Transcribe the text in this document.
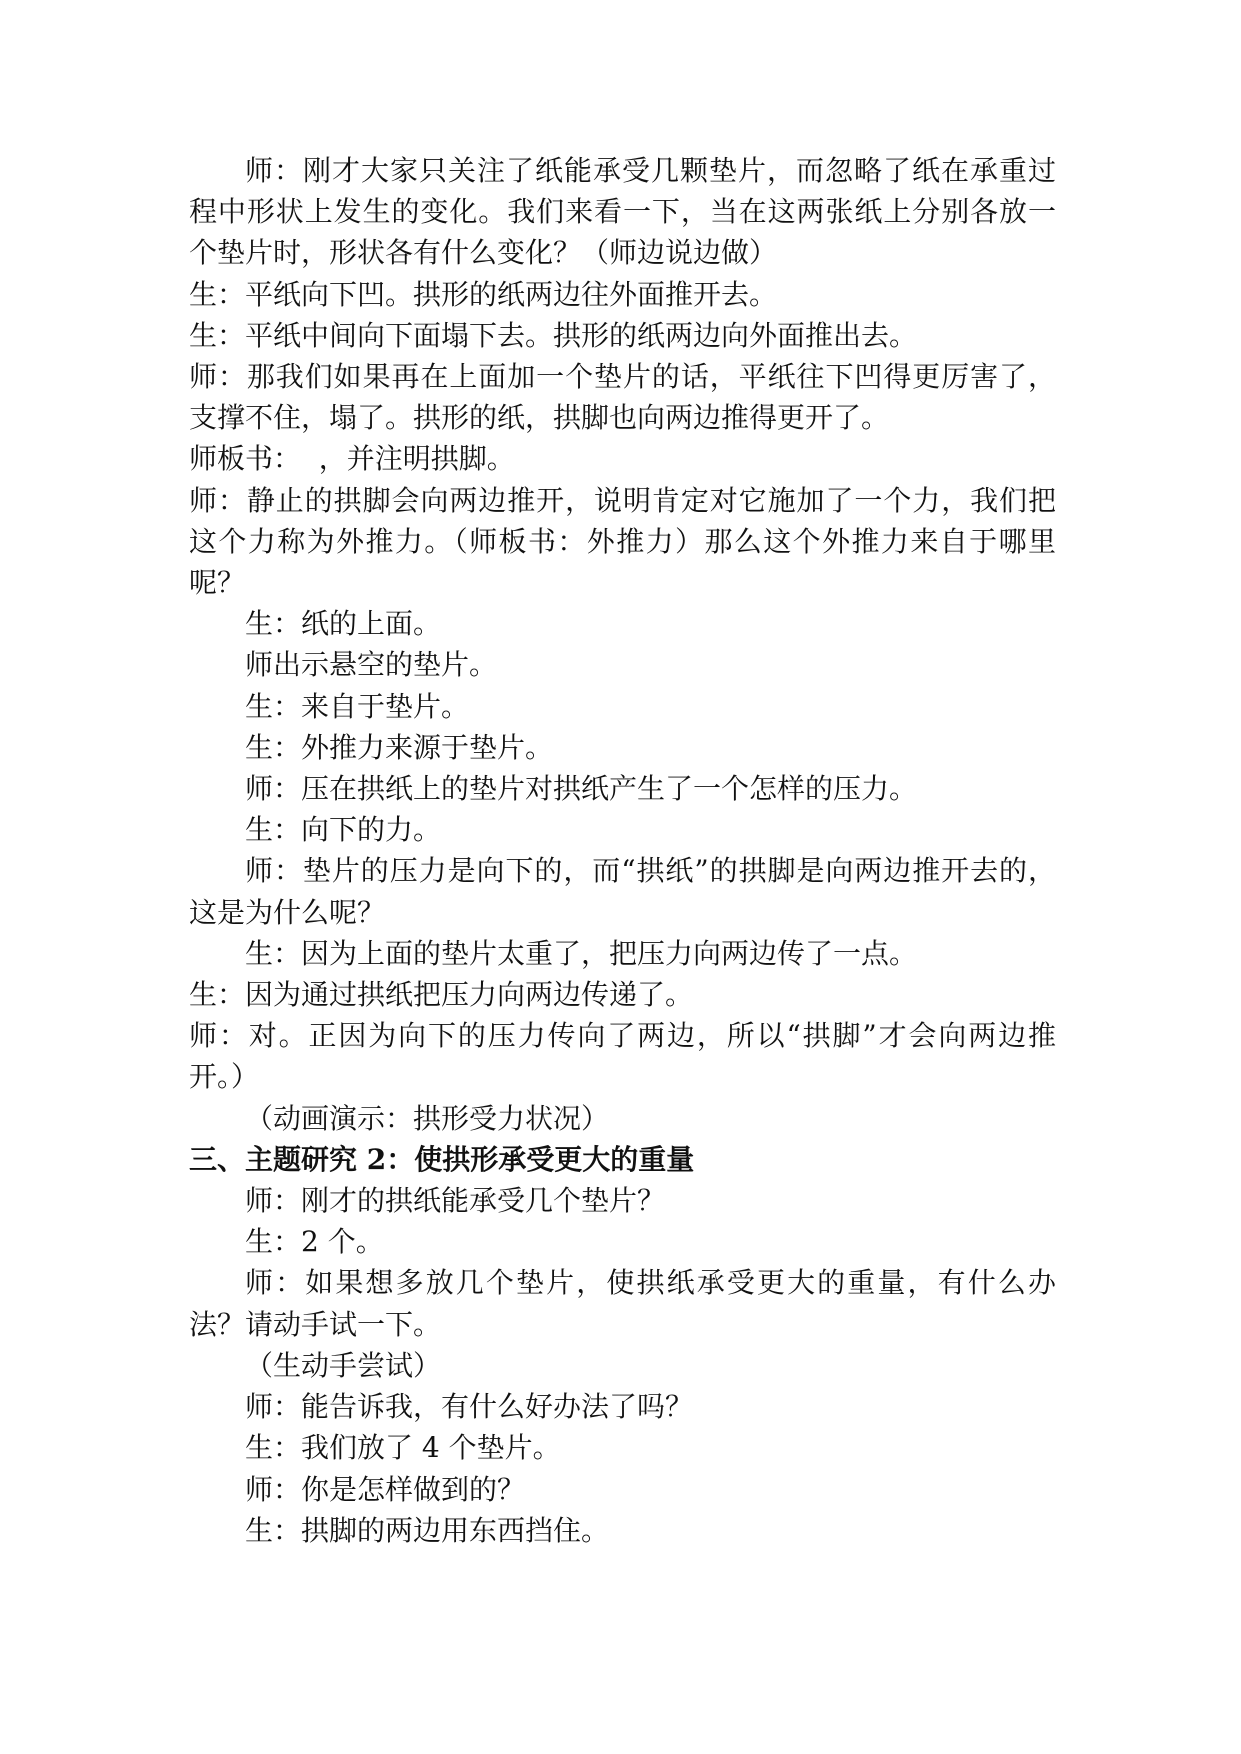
师：刚才大家只关注了纸能承受几颗垫片，而忽略了纸在承重过程中形状上发生的变化。我们来看一下，当在这两张纸上分别各放一个垫片时，形状各有什么变化？（师边说边做）

生：平纸向下凹。拱形的纸两边往外面推开去。

生：平纸中间向下面塌下去。拱形的纸两边向外面推出去。

师：那我们如果再在上面加一个垫片的话，平纸往下凹得更厉害了，支撑不住，塌了。拱形的纸，拱脚也向两边推得更开了。

师板书：  ，并注明拱脚。

师：静止的拱脚会向两边推开，说明肯定对它施加了一个力，我们把这个力称为外推力。（师板书：外推力）那么这个外推力来自于哪里呢？

生：纸的上面。

师出示悬空的垫片。

生：来自于垫片。

生：外推力来源于垫片。

师：压在拱纸上的垫片对拱纸产生了一个怎样的压力。

生：向下的力。

师：垫片的压力是向下的，而“拱纸”的拱脚是向两边推开去的，这是为什么呢？

生：因为上面的垫片太重了，把压力向两边传了一点。

生：因为通过拱纸把压力向两边传递了。

师：对。正因为向下的压力传向了两边，所以“拱脚”才会向两边推开。）

（动画演示：拱形受力状况）

三、主题研究 2：使拱形承受更大的重量

师：刚才的拱纸能承受几个垫片？

生：2 个。

师：如果想多放几个垫片，使拱纸承受更大的重量，有什么办法？请动手试一下。

（生动手尝试）

师：能告诉我，有什么好办法了吗？

生：我们放了 4 个垫片。

师：你是怎样做到的？

生：拱脚的两边用东西挡住。
